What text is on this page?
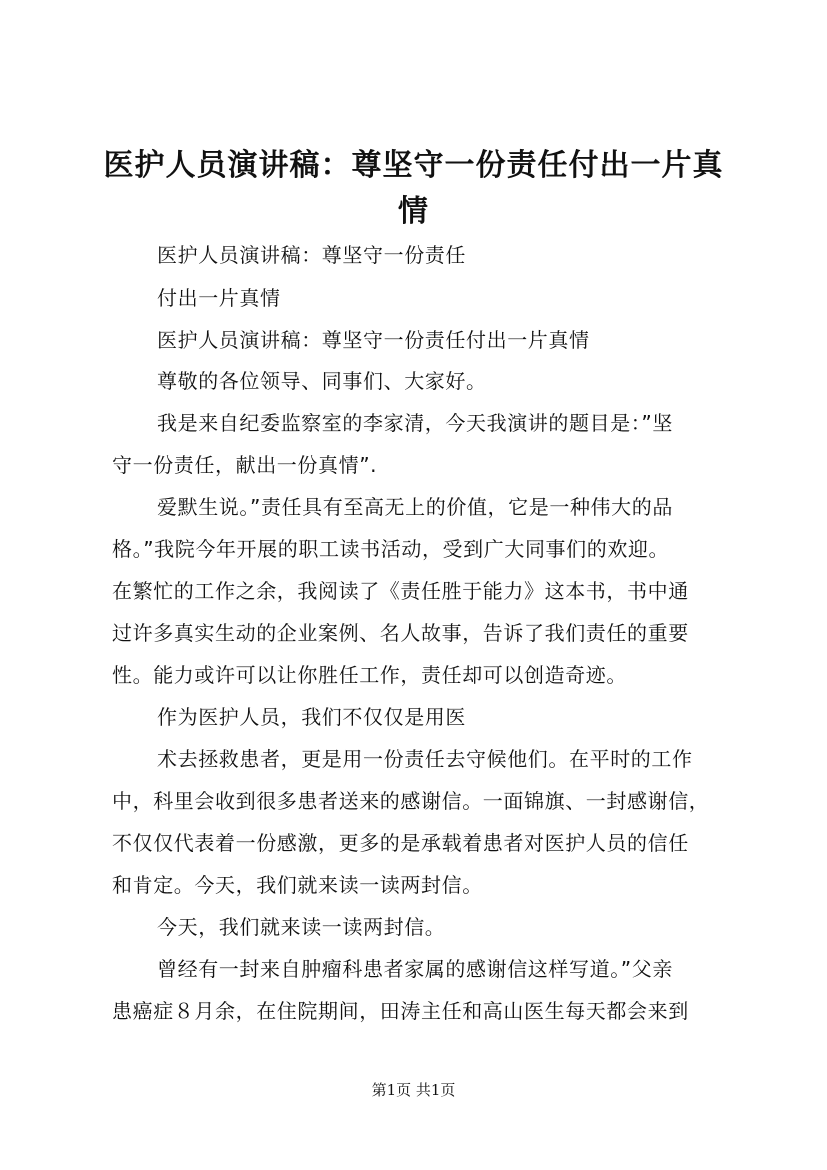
医护人员演讲稿：尊坚守一份责任付出一片真
情
医护人员演讲稿：尊坚守一份责任
付出一片真情
医护人员演讲稿：尊坚守一份责任付出一片真情
尊敬的各位领导、同事们、大家好。
我是来自纪委监察室的李家清，今天我演讲的题目是：”坚
守一份责任，献出一份真情”.
爱默生说。”责任具有至高无上的价值，它是一种伟大的品
格。”我院今年开展的职工读书活动，受到广大同事们的欢迎。
在繁忙的工作之余，我阅读了《责任胜于能力》这本书，书中通
过许多真实生动的企业案例、名人故事，告诉了我们责任的重要
性。能力或许可以让你胜任工作，责任却可以创造奇迹。
作为医护人员，我们不仅仅是用医
术去拯救患者，更是用一份责任去守候他们。在平时的工作
中，科里会收到很多患者送来的感谢信。一面锦旗、一封感谢信，
不仅仅代表着一份感激，更多的是承载着患者对医护人员的信任
和肯定。今天，我们就来读一读两封信。
今天，我们就来读一读两封信。
曾经有一封来自肿瘤科患者家属的感谢信这样写道。”父亲
患癌症８月余，在住院期间，田涛主任和高山医生每天都会来到
第1页 共1页
